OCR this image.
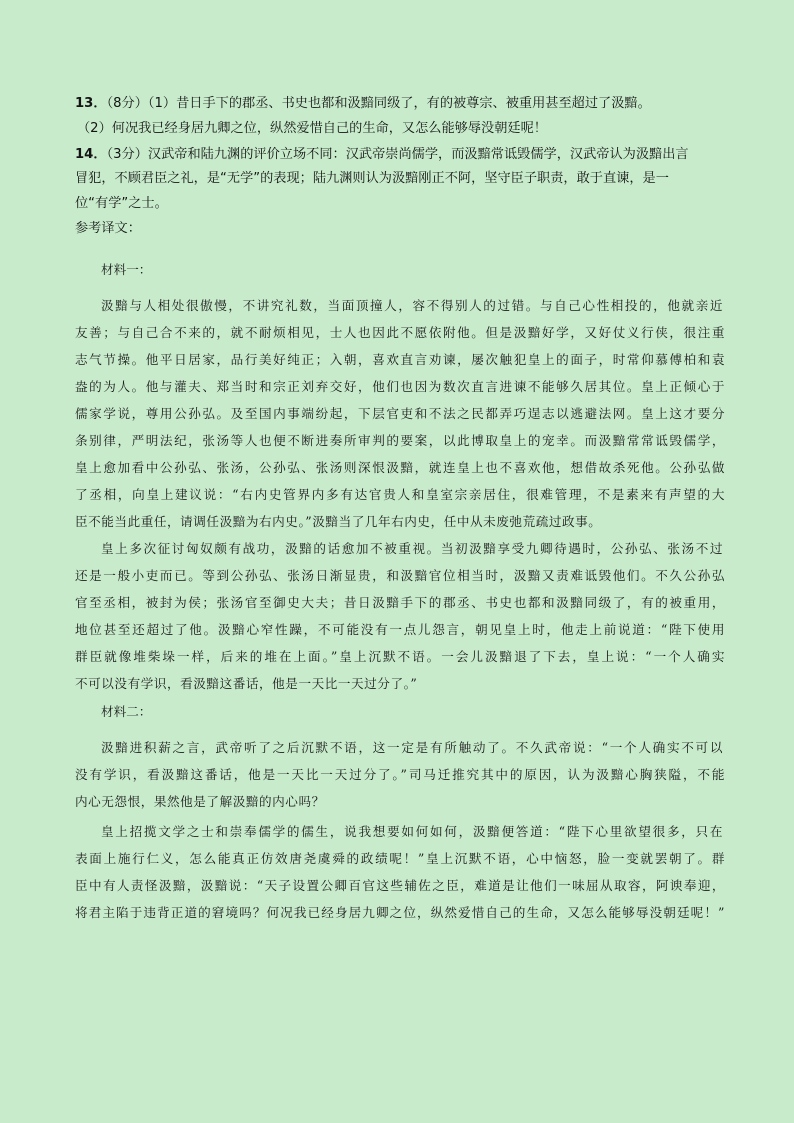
13．（8分）（1）昔日手下的郡丞、书史也都和汲黯同级了，有的被尊宗、被重用甚至超过了汲黯。

（2）何况我已经身居九卿之位，纵然爱惜自己的生命，又怎么能够辱没朝廷呢！

14．（3分）汉武帝和陆九渊的评价立场不同：汉武帝崇尚儒学，而汲黯常诋毁儒学，汉武帝认为汲黯出言

冒犯，不顾君臣之礼，是“无学”的表现；陆九渊则认为汲黯刚正不阿，坚守臣子职责，敢于直谏，是一

位“有学”之士。

参考译文：

材料一：

汲黯与人相处很傲慢，不讲究礼数，当面顶撞人，容不得别人的过错。与自己心性相投的，他就亲近

友善；与自己合不来的，就不耐烦相见，士人也因此不愿依附他。但是汲黯好学，又好仗义行侠，很注重

志气节操。他平日居家，品行美好纯正；入朝，喜欢直言劝谏，屡次触犯皇上的面子，时常仰慕傅柏和袁

盎的为人。他与灌夫、郑当时和宗正刘弃交好，他们也因为数次直言进谏不能够久居其位。皇上正倾心于

儒家学说，尊用公孙弘。及至国内事端纷起，下层官吏和不法之民都弄巧逞志以逃避法网。皇上这才要分

条别律，严明法纪，张汤等人也便不断进奏所审判的要案，以此博取皇上的宠幸。而汲黯常常诋毁儒学，

皇上愈加看中公孙弘、张汤，公孙弘、张汤则深恨汲黯，就连皇上也不喜欢他，想借故杀死他。公孙弘做

了丞相，向皇上建议说：“右内史管界内多有达官贵人和皇室宗亲居住，很难管理，不是素来有声望的大

臣不能当此重任，请调任汲黯为右内史。”汲黯当了几年右内史，任中从未废弛荒疏过政事。

皇上多次征讨匈奴颇有战功，汲黯的话愈加不被重视。当初汲黯享受九卿待遇时，公孙弘、张汤不过

还是一般小吏而已。等到公孙弘、张汤日渐显贵，和汲黯官位相当时，汲黯又责难诋毁他们。不久公孙弘

官至丞相，被封为侯；张汤官至御史大夫；昔日汲黯手下的郡丞、书史也都和汲黯同级了，有的被重用，

地位甚至还超过了他。汲黯心窄性躁，不可能没有一点儿怨言，朝见皇上时，他走上前说道：“陛下使用

群臣就像堆柴垛一样，后来的堆在上面。”皇上沉默不语。一会儿汲黯退了下去，皇上说：“一个人确实

不可以没有学识，看汲黯这番话，他是一天比一天过分了。”

材料二：

汲黯进积薪之言，武帝听了之后沉默不语，这一定是有所触动了。不久武帝说：“一个人确实不可以

没有学识，看汲黯这番话，他是一天比一天过分了。”司马迁推究其中的原因，认为汲黯心胸狭隘，不能

内心无怨恨，果然他是了解汲黯的内心吗？

皇上招揽文学之士和崇奉儒学的儒生，说我想要如何如何，汲黯便答道：“陛下心里欲望很多，只在

表面上施行仁义，怎么能真正仿效唐尧虞舜的政绩呢！”皇上沉默不语，心中恼怒，脸一变就罢朝了。群

臣中有人责怪汲黯，汲黯说：“天子设置公卿百官这些辅佐之臣，难道是让他们一味屈从取容，阿谀奉迎，

将君主陷于违背正道的窘境吗？何况我已经身居九卿之位，纵然爱惜自己的生命，又怎么能够辱没朝廷呢！”
